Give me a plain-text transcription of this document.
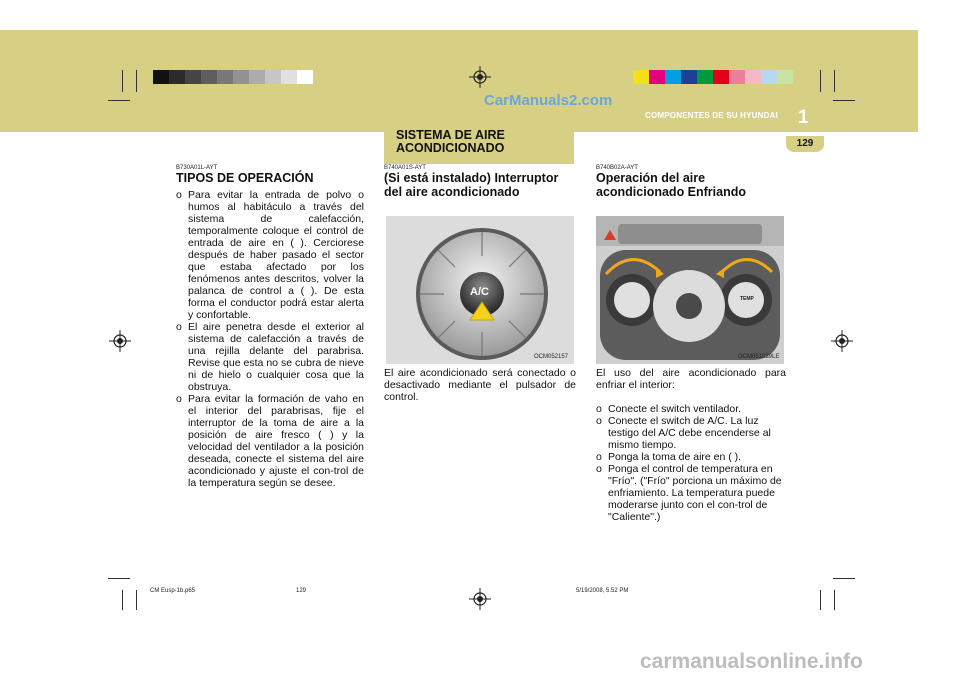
CarManuals2.com
COMPONENTES DE SU HYUNDAI 1
129
SISTEMA DE AIRE ACONDICIONADO
B730A01L-AYT
TIPOS DE OPERACIÓN
o Para evitar la entrada de polvo o humos al habitáculo a través del sistema de calefacción, temporalmente coloque el control de entrada de aire en ( ). Cerciorese después de haber pasado el sector que estaba afectado por los fenómenos antes descritos, volver la palanca de control a ( ). De esta forma el conductor podrá estar alerta y confortable.
o El aire penetra desde el exterior al sistema de calefacción a través de una rejilla delante del parabrisa. Revise que esta no se cubra de nieve ni de hielo o cualquier cosa que la obstruya.
o Para evitar la formación de vaho en el interior del parabrisas, fije el interruptor de la toma de aire a la posición de aire fresco ( ) y la velocidad del ventilador a la posición deseada, conecte el sistema del aire acondicionado y ajuste el con-trol de la temperatura según se desee.
B740A01S-AYT
(Si está instalado) Interruptor del aire acondicionado
A/C
OCM052157
El aire acondicionado será conectado o desactivado mediante el pulsador de control.
B740B02A-AYT
Operación del aire acondicionado Enfriando
TEMP
OCM051039LE
El uso del aire acondicionado para enfriar el interior:
o Conecte el switch ventilador.
o Conecte el switch de A/C. La luz testigo del A/C debe encenderse al mismo tiempo.
o Ponga la toma de aire en ( ).
o Ponga el control de temperatura en "Frío". ("Frío" porciona un máximo de enfriamiento. La temperatura puede moderarse junto con el con-trol de "Caliente".)
CM Eusp-1b.p65	129	5/19/2008, 5:52 PM
carmanualsonline.info
